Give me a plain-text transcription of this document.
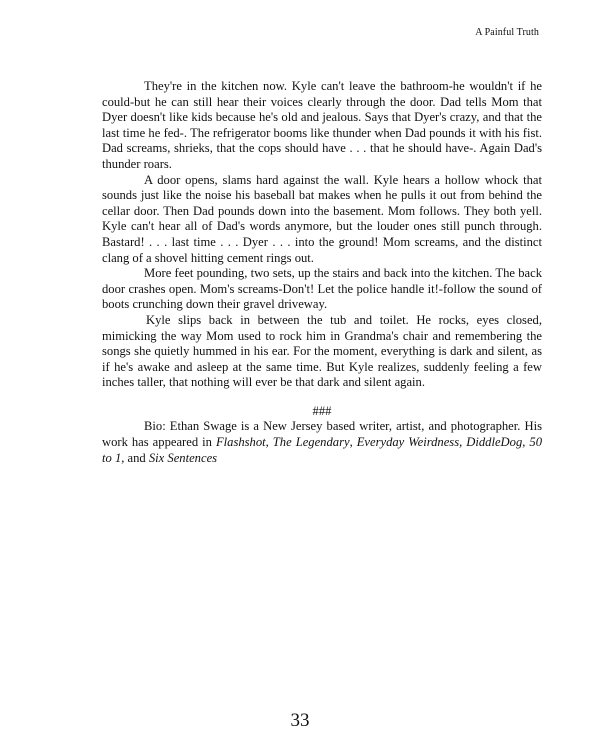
A Painful Truth

They're in the kitchen now. Kyle can't leave the bathroom-he wouldn't if he could-but he can still hear their voices clearly through the door. Dad tells Mom that Dyer doesn't like kids because he's old and jealous. Says that Dyer's crazy, and that the last time he fed-. The refrigerator booms like thunder when Dad pounds it with his fist. Dad screams, shrieks, that the cops should have . . . that he should have-. Again Dad's thunder roars.

A door opens, slams hard against the wall. Kyle hears a hollow whock that sounds just like the noise his baseball bat makes when he pulls it out from behind the cellar door. Then Dad pounds down into the basement. Mom follows. They both yell. Kyle can't hear all of Dad's words anymore, but the louder ones still punch through. Bastard! . . . last time . . . Dyer . . . into the ground! Mom screams, and the distinct clang of a shovel hitting cement rings out.

More feet pounding, two sets, up the stairs and back into the kitchen. The back door crashes open. Mom's screams-Don't! Let the police handle it!-follow the sound of boots crunching down their gravel driveway.

Kyle slips back in between the tub and toilet. He rocks, eyes closed, mimicking the way Mom used to rock him in Grandma's chair and remembering the songs she quietly hummed in his ear. For the moment, everything is dark and silent, as if he's awake and asleep at the same time. But Kyle realizes, suddenly feeling a few inches taller, that nothing will ever be that dark and silent again.

###

Bio: Ethan Swage is a New Jersey based writer, artist, and photographer. His work has appeared in Flashshot, The Legendary, Everyday Weirdness, DiddleDog, 50 to 1, and Six Sentences

33
